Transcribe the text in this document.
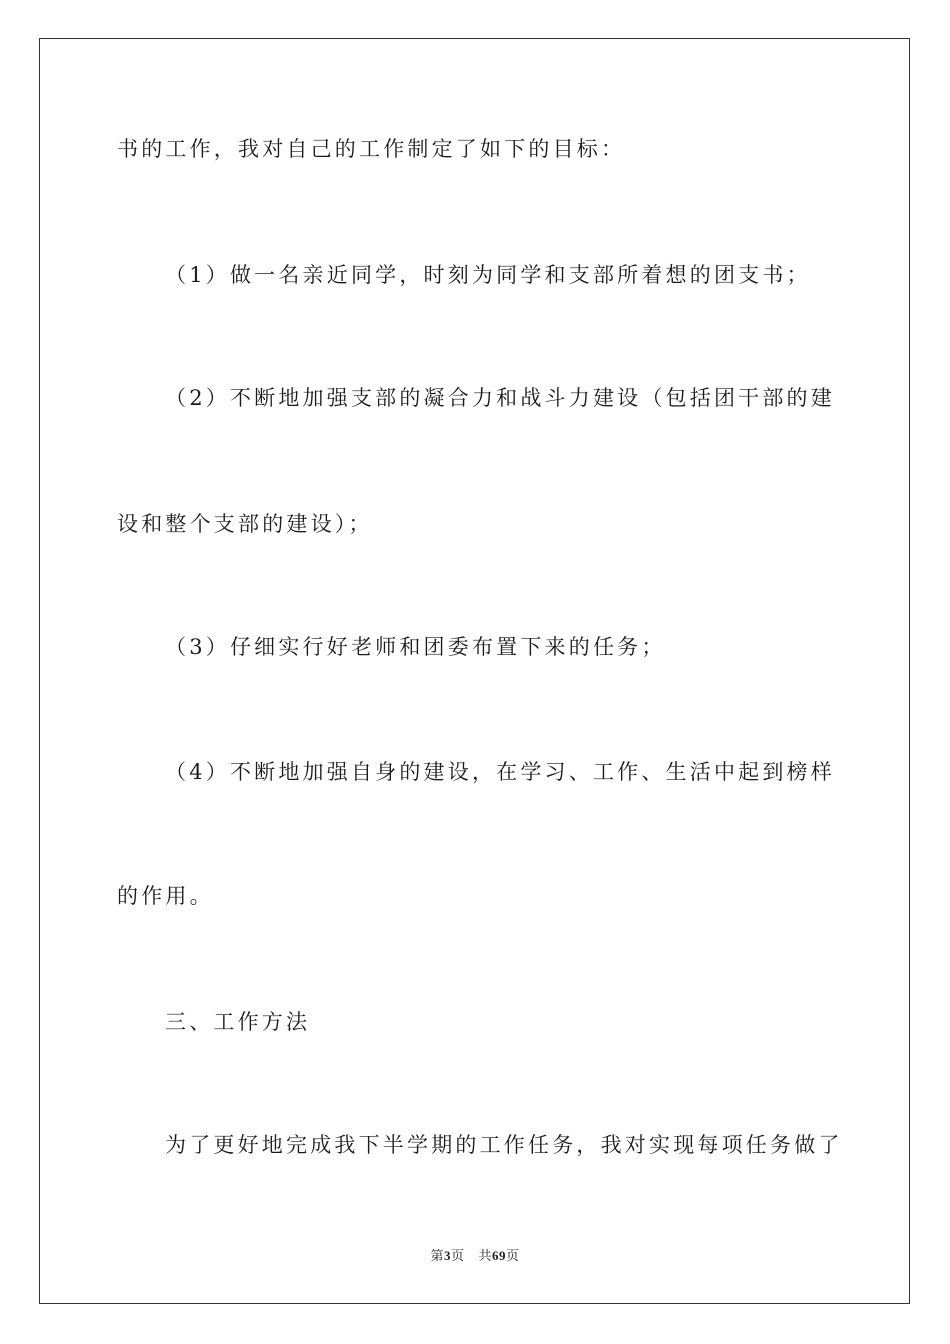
书的工作，我对自己的工作制定了如下的目标：
（1）做一名亲近同学，时刻为同学和支部所着想的团支书；
（2）不断地加强支部的凝合力和战斗力建设（包括团干部的建
设和整个支部的建设）；
（3）仔细实行好老师和团委布置下来的任务；
（4）不断地加强自身的建设，在学习、工作、生活中起到榜样
的作用。
三、工作方法
为了更好地完成我下半学期的工作任务，我对实现每项任务做了
第3页 共69页
